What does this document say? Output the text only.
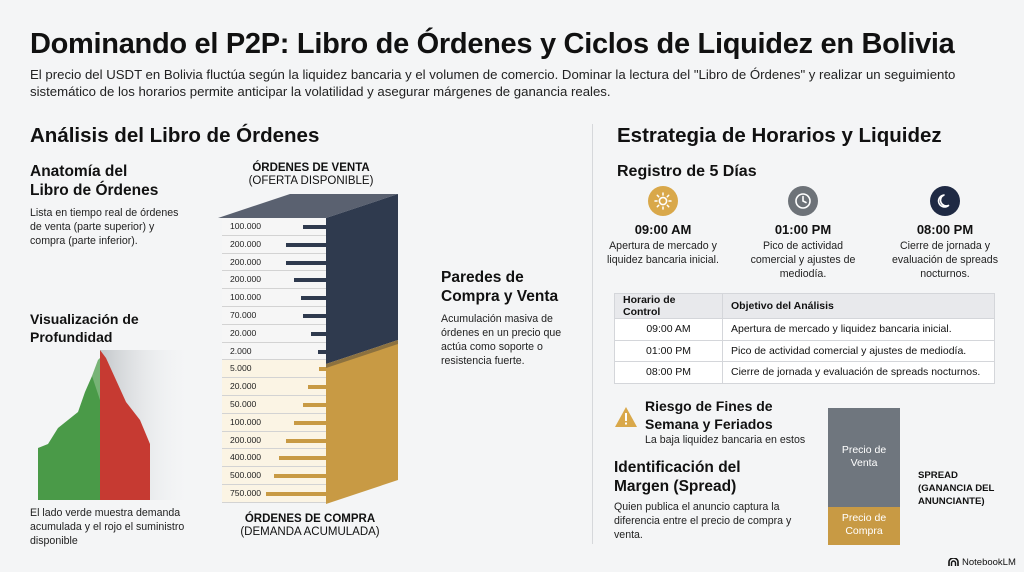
Dominando el P2P: Libro de Órdenes y Ciclos de Liquidez en Bolivia
El precio del USDT en Bolivia fluctúa según la liquidez bancaria y el volumen de comercio. Dominar la lectura del "Libro de Órdenes" y realizar un seguimiento sistemático de los horarios permite anticipar la volatilidad y asegurar márgenes de ganancia reales.
Análisis del Libro de Órdenes
Anatomía del
Libro de Órdenes
Lista en tiempo real de órdenes de venta (parte superior) y compra (parte inferior).
Visualización de
Profundidad
El lado verde muestra demanda acumulada y el rojo el suministro disponible
ÓRDENES DE VENTA
(OFERTA DISPONIBLE)
ÓRDENES DE COMPRA
(DEMANDA ACUMULADA)
100.000
200.000
200.000
200.000
100.000
70.000
20.000
2.000
5.000
20.000
50.000
100.000
200.000
400.000
500.000
750.000
Paredes de
Compra y Venta
Acumulación masiva de órdenes en un precio que actúa como soporte o resistencia fuerte.
Estrategia de Horarios y Liquidez
Registro de 5 Días
09:00 AM
Apertura de mercado y liquidez bancaria inicial.
01:00 PM
Pico de actividad comercial y ajustes de mediodía.
08:00 PM
Cierre de jornada y evaluación de spreads nocturnos.
Horario de Control	Objetivo del Análisis
09:00 AM	Apertura de mercado y liquidez bancaria inicial.
01:00 PM	Pico de actividad comercial y ajustes de mediodía.
08:00 PM	Cierre de jornada y evaluación de spreads nocturnos.
Riesgo de Fines de
Semana y Feriados
La baja liquidez bancaria en estos
Identificación del
Margen (Spread)
Quien publica el anuncio captura la diferencia entre el precio de compra y venta.
Precio de Venta
Precio de Compra
SPREAD (GANANCIA DEL ANUNCIANTE)
NotebookLM
